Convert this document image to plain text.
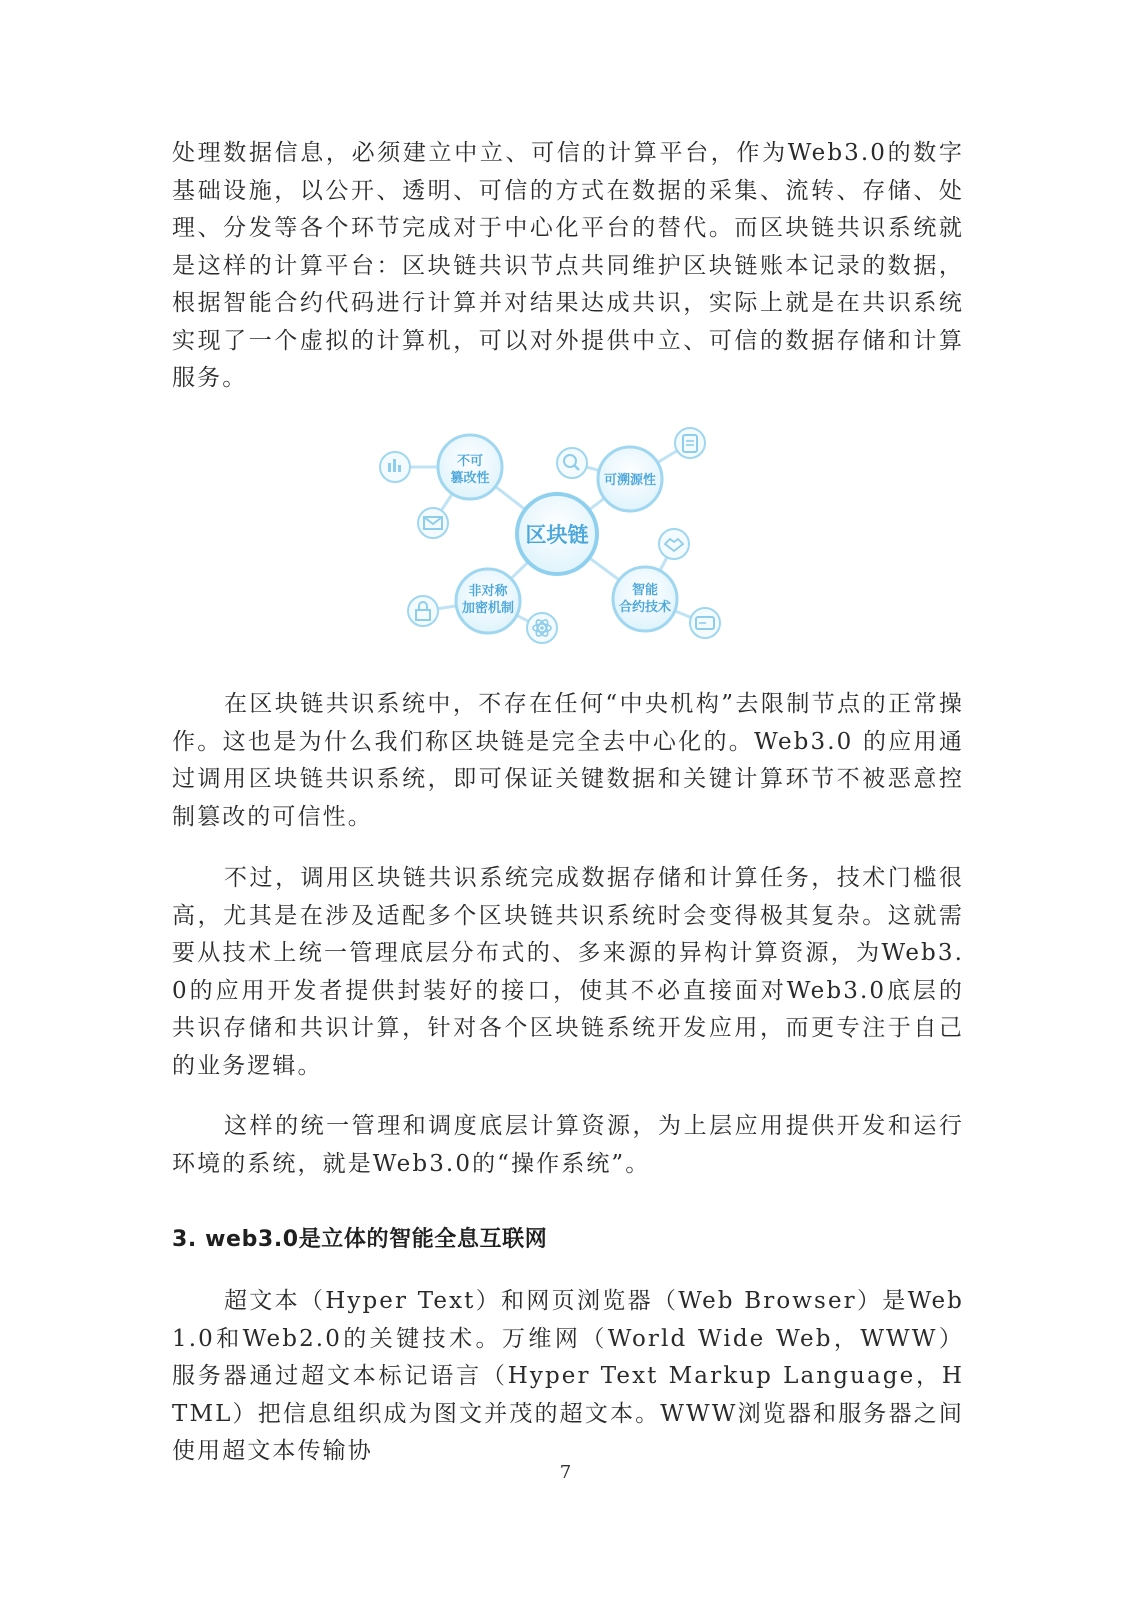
处理数据信息，必须建立中立、可信的计算平台，作为Web3.0的数字基础设施，以公开、透明、可信的方式在数据的采集、流转、存储、处理、分发等各个环节完成对于中心化平台的替代。而区块链共识系统就是这样的计算平台：区块链共识节点共同维护区块链账本记录的数据，根据智能合约代码进行计算并对结果达成共识，实际上就是在共识系统实现了一个虚拟的计算机，可以对外提供中立、可信的数据存储和计算服务。
不可
篡改性	可溯源性
非对称
加密机制
智能
合约技术
区块链
在区块链共识系统中，不存在任何“中央机构”去限制节点的正常操作。这也是为什么我们称区块链是完全去中心化的。Web3.0 的应用通过调用区块链共识系统，即可保证关键数据和关键计算环节不被恶意控制篡改的可信性。
不过，调用区块链共识系统完成数据存储和计算任务，技术门槛很高，尤其是在涉及适配多个区块链共识系统时会变得极其复杂。这就需要从技术上统一管理底层分布式的、多来源的异构计算资源，为Web3.0的应用开发者提供封装好的接口，使其不必直接面对Web3.0底层的共识存储和共识计算，针对各个区块链系统开发应用，而更专注于自己的业务逻辑。
这样的统一管理和调度底层计算资源，为上层应用提供开发和运行环境的系统，就是Web3.0的“操作系统”。
3. web3.0是立体的智能全息互联网
超文本（Hyper Text）和网页浏览器（Web Browser）是Web1.0和Web2.0的关键技术。万维网（World Wide Web，WWW）服务器通过超文本标记语言（Hyper Text Markup Language，HTML）把信息组织成为图文并茂的超文本。WWW浏览器和服务器之间使用超文本传输协
7
